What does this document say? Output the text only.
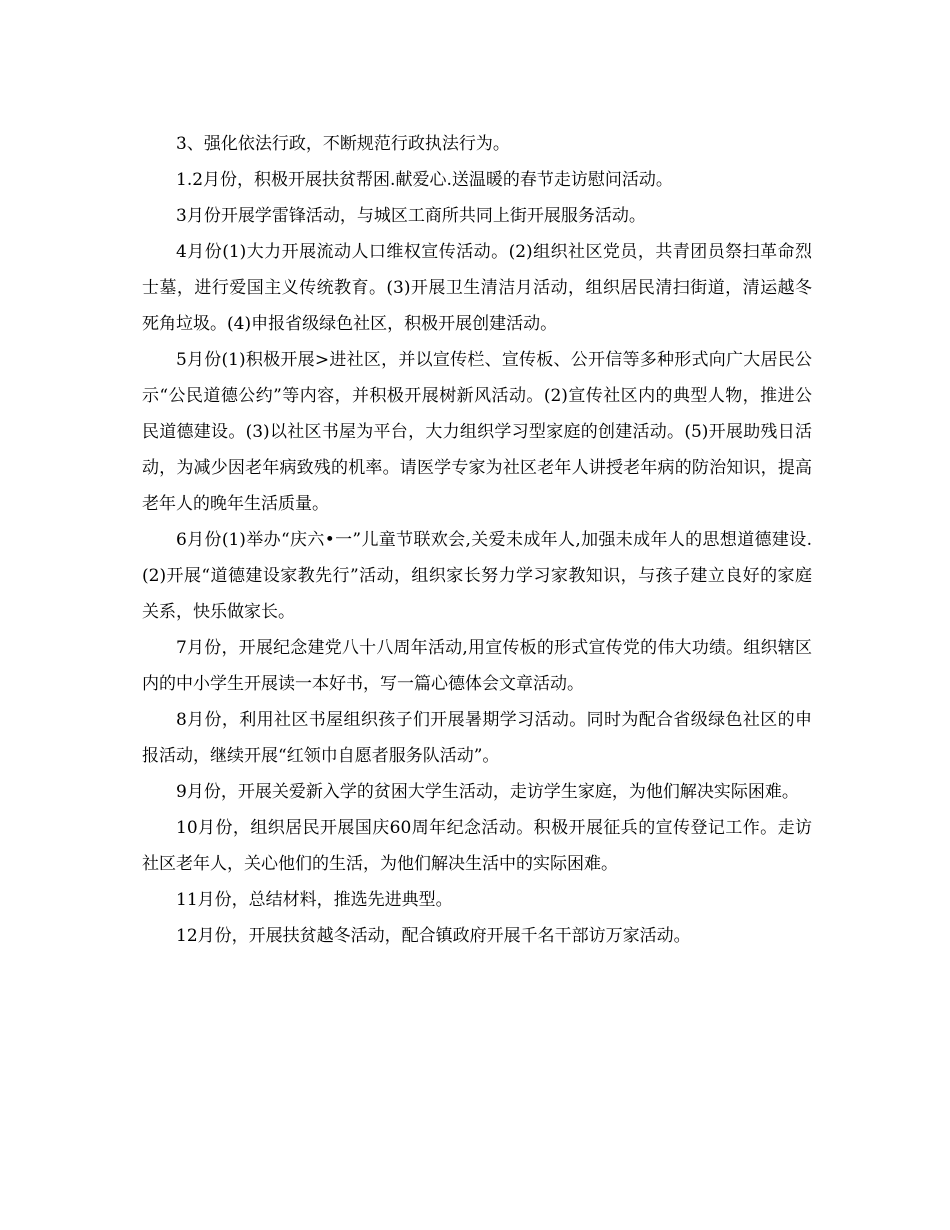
3、强化依法行政，不断规范行政执法行为。

1.2月份，积极开展扶贫帮困.献爱心.送温暖的春节走访慰问活动。

3月份开展学雷锋活动，与城区工商所共同上街开展服务活动。

4月份(1)大力开展流动人口维权宣传活动。(2)组织社区党员，共青团员祭扫革命烈士墓，进行爱国主义传统教育。(3)开展卫生清洁月活动，组织居民清扫街道，清运越冬死角垃圾。(4)申报省级绿色社区，积极开展创建活动。

5月份(1)积极开展>进社区，并以宣传栏、宣传板、公开信等多种形式向广大居民公示“公民道德公约”等内容，并积极开展树新风活动。(2)宣传社区内的典型人物，推进公民道德建设。(3)以社区书屋为平台，大力组织学习型家庭的创建活动。(5)开展助残日活动，为减少因老年病致残的机率。请医学专家为社区老年人讲授老年病的防治知识，提高老年人的晚年生活质量。

6月份(1)举办“庆六•一”儿童节联欢会,关爱未成年人,加强未成年人的思想道德建设.(2)开展“道德建设家教先行”活动，组织家长努力学习家教知识，与孩子建立良好的家庭关系，快乐做家长。

7月份，开展纪念建党八十八周年活动,用宣传板的形式宣传党的伟大功绩。组织辖区内的中小学生开展读一本好书，写一篇心德体会文章活动。

8月份，利用社区书屋组织孩子们开展暑期学习活动。同时为配合省级绿色社区的申报活动，继续开展“红领巾自愿者服务队活动”。

9月份，开展关爱新入学的贫困大学生活动，走访学生家庭，为他们解决实际困难。

10月份，组织居民开展国庆60周年纪念活动。积极开展征兵的宣传登记工作。走访社区老年人，关心他们的生活，为他们解决生活中的实际困难。

11月份，总结材料，推选先进典型。

12月份，开展扶贫越冬活动，配合镇政府开展千名干部访万家活动。
